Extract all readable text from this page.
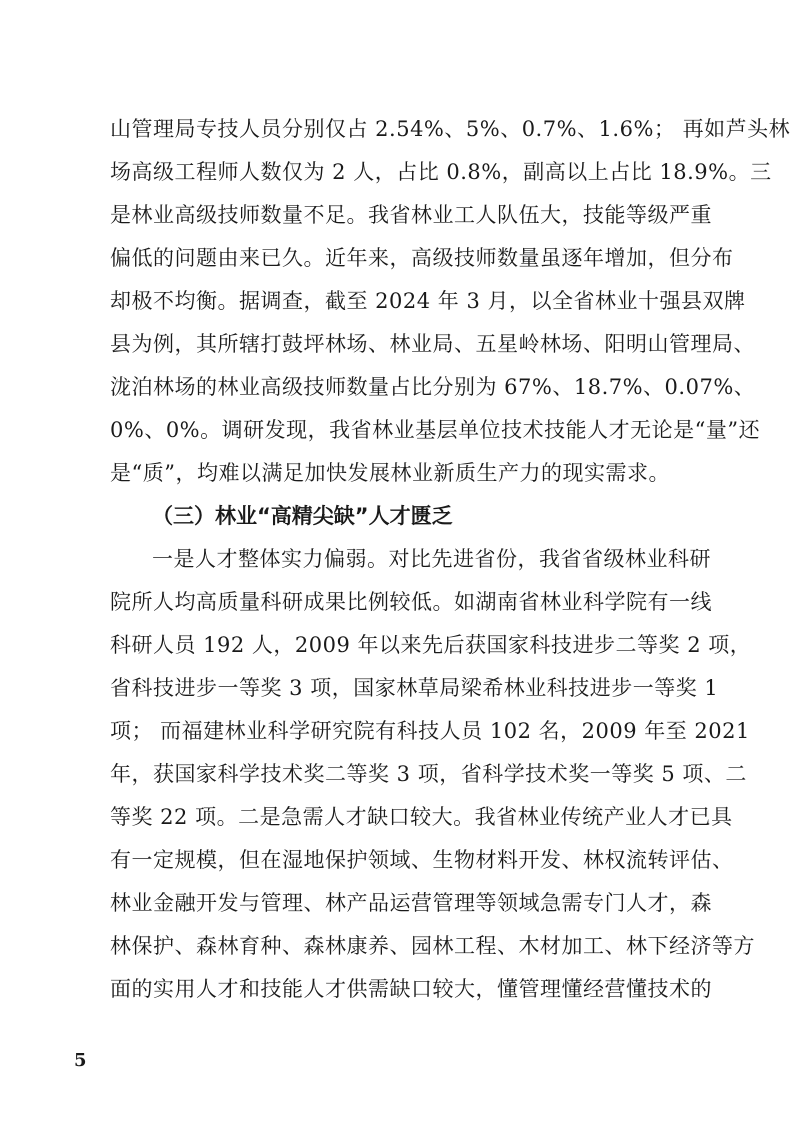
山管理局专技人员分别仅占 2.54%、5%、0.7%、1.6%； 再如芦头林
场高级工程师人数仅为 2 人，占比 0.8%，副高以上占比 18.9%。三
是林业高级技师数量不足。我省林业工人队伍大，技能等级严重
偏低的问题由来已久。近年来，高级技师数量虽逐年增加，但分布
却极不均衡。据调查，截至 2024 年 3 月，以全省林业十强县双牌
县为例，其所辖打鼓坪林场、林业局、五星岭林场、阳明山管理局、
泷泊林场的林业高级技师数量占比分别为 67%、18.7%、0.07%、
0%、0%。调研发现，我省林业基层单位技术技能人才无论是“量”还
是“质”，均难以满足加快发展林业新质生产力的现实需求。
（三）林业“高精尖缺”人才匮乏
一是人才整体实力偏弱。对比先进省份，我省省级林业科研
院所人均高质量科研成果比例较低。如湖南省林业科学院有一线
科研人员 192 人，2009 年以来先后获国家科技进步二等奖 2 项，
省科技进步一等奖 3 项，国家林草局梁希林业科技进步一等奖 1
项； 而福建林业科学研究院有科技人员 102 名，2009 年至 2021
年，获国家科学技术奖二等奖 3 项，省科学技术奖一等奖 5 项、二
等奖 22 项。二是急需人才缺口较大。我省林业传统产业人才已具
有一定规模，但在湿地保护领域、生物材料开发、林权流转评估、
林业金融开发与管理、林产品运营管理等领域急需专门人才，森
林保护、森林育种、森林康养、园林工程、木材加工、林下经济等方
面的实用人才和技能人才供需缺口较大，懂管理懂经营懂技术的
5
